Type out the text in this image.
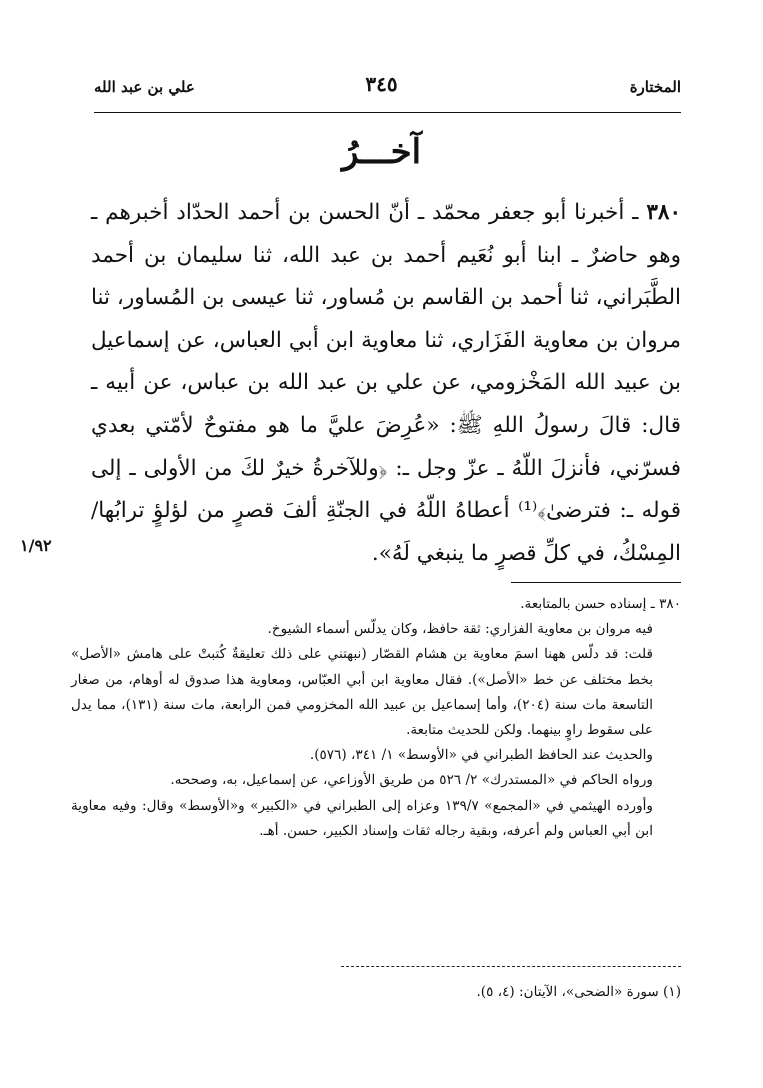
المختارة
٣٤٥
علي بن عبد الله
آخـــرُ
٣٨٠ ـ أخبرنا أبو جعفر محمّد ـ أنّ الحسن بن أحمد الحدّاد أخبرهم ـ وهو حاضرٌ ـ ابنا أبو نُعَيم أحمد بن عبد الله، ثنا سليمان بن أحمد الطَّبَراني، ثنا أحمد بن القاسم بن مُساور، ثنا عيسى بن المُساور، ثنا مروان بن معاوية الفَزَاري، ثنا معاوية ابن أبي العباس، عن إسماعيل بن عبيد الله المَخْزومي، عن علي بن عبد الله بن عباس، عن أبيه ـ قال: قالَ رسولُ اللهِ ﷺ: «عُرِضَ عليَّ ما هو مفتوحٌ لأمّتي بعدي فسرّني، فأنزلَ اللّهُ ـ عزّ وجل ـ: ﴿وللآخرةُ خيرٌ لكَ من الأولى ـ إلى قوله ـ: فترضىٰ﴾⁽¹⁾ أعطاهُ اللّهُ في الجنّةِ ألفَ قصرٍ من لؤلؤٍ ترابُها/ المِسْكُ، في كلِّ قصرٍ ما ينبغي لَهُ».
١/٩٢

٣٨٠ ـ إسناده حسن بالمتابعة.

فيه مروان بن معاوية الفزاري: ثقة حافظ، وكان يدلّس أسماء الشيوخ.

قلت: قد دلّس ههنا اسمَ معاوية بن هشام القصّار (نبهتني على ذلك تعليقةٌ كُتبتْ على هامش «الأصل» بخط مختلف عن خط «الأصل»). فقال معاوية ابن أبي العبّاس، ومعاوية هذا صدوق له أوهام، من صغار التاسعة مات سنة (٢٠٤)، وأما إسماعيل بن عبيد الله المخزومي فمن الرابعة، مات سنة (١٣١)، مما يدل على سقوط راوٍ بينهما. ولكن للحديث متابعة.

والحديث عند الحافظ الطبراني في «الأوسط» ١/ ٣٤١، (٥٧٦).

ورواه الحاكم في «المستدرك» ٢/ ٥٢٦ من طريق الأوزاعي، عن إسماعيل، به، وصححه.

وأورده الهيثمي في «المجمع» ١٣٩/٧ وعزاه إلى الطبراني في «الكبير» و«الأوسط» وقال: وفيه معاوية ابن أبي العباس ولم أعرفه، وبقية رجاله ثقات وإسناد الكبير، حسن. أهـ.

(١) سورة «الضحى»، الآيتان: (٤، ٥).
